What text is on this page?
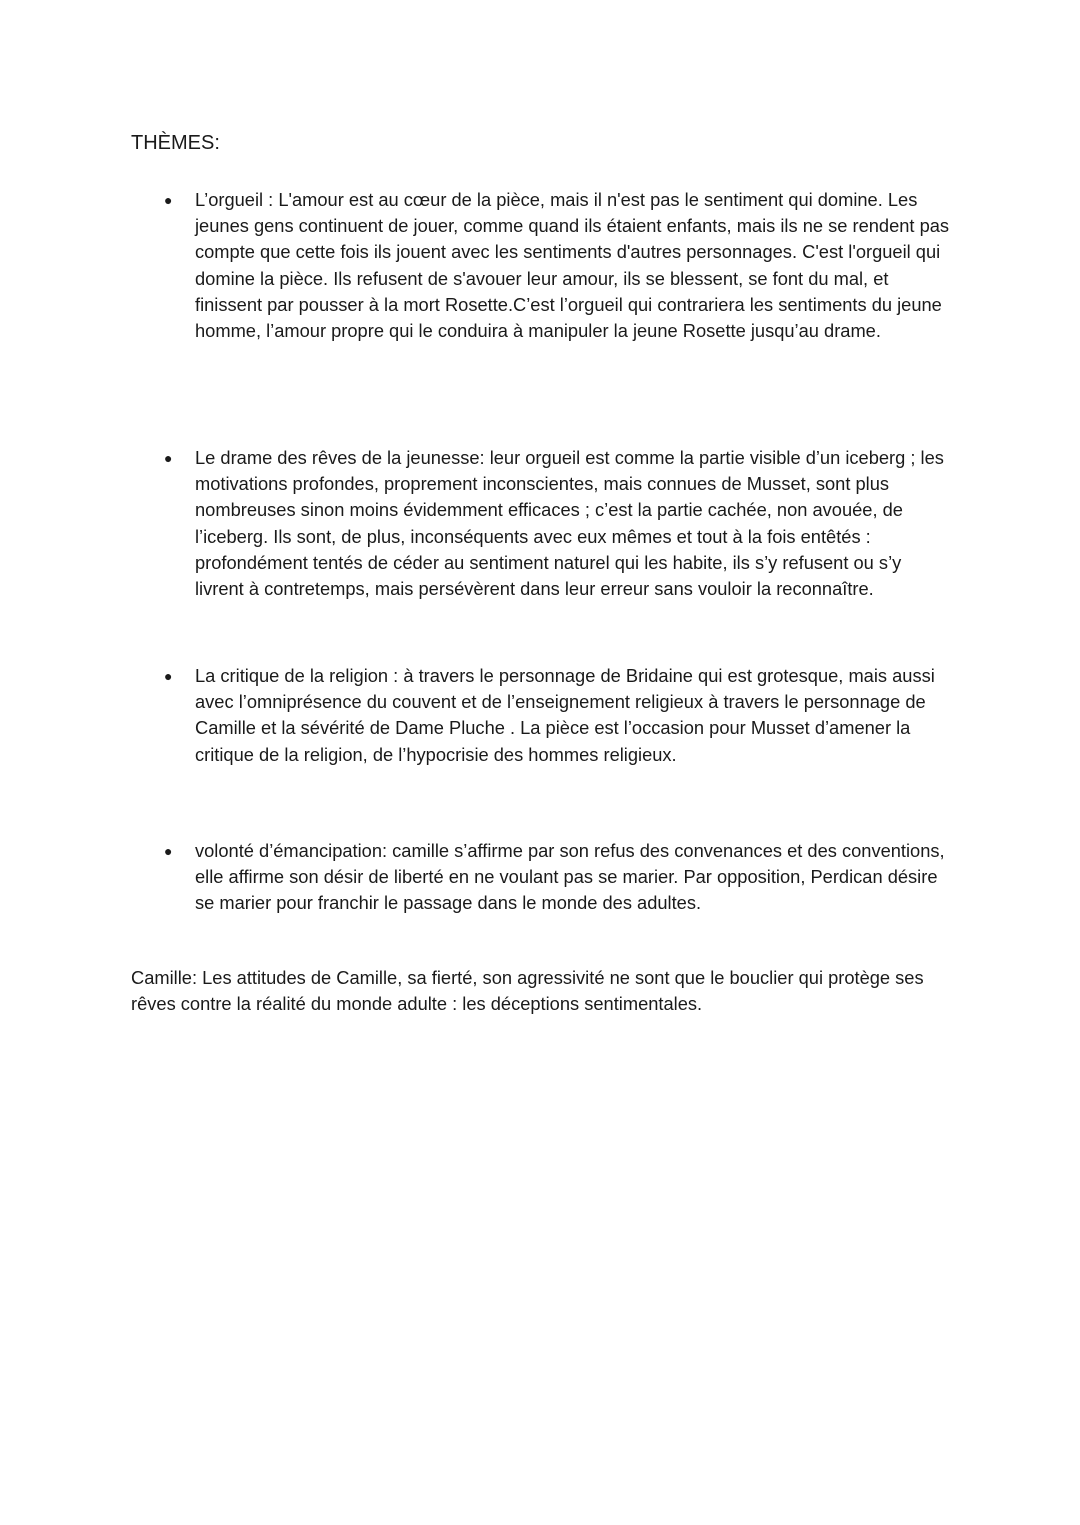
THÈMES:
● L’orgueil : L'amour est au cœur de la pièce, mais il n'est pas le sentiment qui domine. Les jeunes gens continuent de jouer, comme quand ils étaient enfants, mais ils ne se rendent pas compte que cette fois ils jouent avec les sentiments d'autres personnages. C'est l'orgueil qui domine la pièce. Ils refusent de s'avouer leur amour, ils se blessent, se font du mal, et finissent par pousser à la mort Rosette.C’est l’orgueil qui contrariera les sentiments du jeune homme, l’amour propre qui le conduira à manipuler la jeune Rosette jusqu’au drame.

● Le drame des rêves de la jeunesse: leur orgueil est comme la partie visible d’un iceberg ; les motivations profondes, proprement inconscientes, mais connues de Musset, sont plus nombreuses sinon moins évidemment efficaces ; c’est la partie cachée, non avouée, de l’iceberg. Ils sont, de plus, inconséquents avec eux mêmes et tout à la fois entêtés : profondément tentés de céder au sentiment naturel qui les habite, ils s’y refusent ou s’y livrent à contretemps, mais persévèrent dans leur erreur sans vouloir la reconnaître.

● La critique de la religion : à travers le personnage de Bridaine qui est grotesque, mais aussi avec l’omniprésence du couvent et de l’enseignement religieux à travers le personnage de Camille et la sévérité de Dame Pluche . La pièce est l’occasion pour Musset d’amener la critique de la religion, de l’hypocrisie des hommes religieux.

● volonté d’émancipation: camille s’affirme par son refus des convenances et des conventions, elle affirme son désir de liberté en ne voulant pas se marier. Par opposition, Perdican désire se marier pour franchir le passage dans le monde des adultes.

Camille: Les attitudes de Camille, sa fierté, son agressivité ne sont que le bouclier qui protège ses rêves contre la réalité du monde adulte : les déceptions sentimentales.
